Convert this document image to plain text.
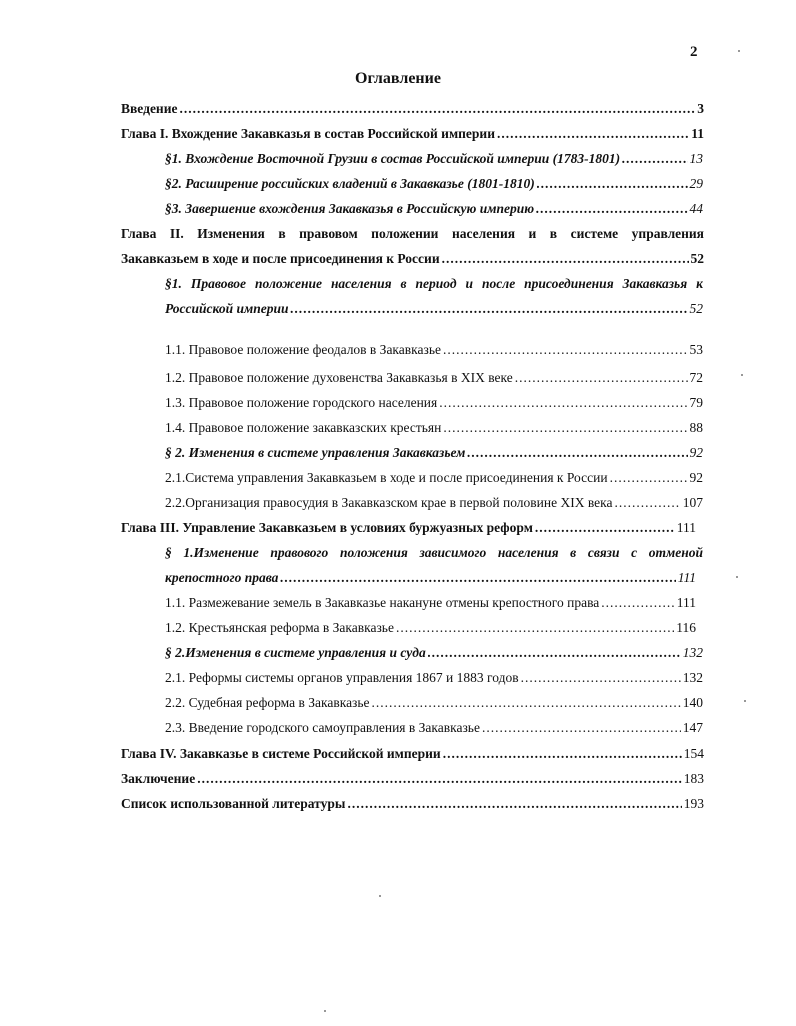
2
Оглавление
Введение .....	3
Глава I. Вхождение Закавказья в состав Российской империи .....	11
§1. Вхождение Восточной Грузии в состав Российской империи (1783-1801) .....	13
§2. Расширение российских владений в Закавказье (1801-1810) .....	29
§3. Завершение вхождения Закавказья в Российскую империю .....	44
Глава II. Изменения в правовом положении населения и в системе управления
Закавказьем в ходе и после присоединения к России .....	52
§1. Правовое положение населения в период и после присоединения Закавказья к
Российской империи .....	52
1.1. Правовое положение феодалов в Закавказье .....	53
1.2. Правовое положение духовенства Закавказья в XIX веке .....	72
1.3. Правовое положение городского населения .....	79
1.4. Правовое положение закавказских крестьян .....	88
§ 2. Изменения в системе управления Закавказьем .....	92
2.1.Система управления Закавказьем в ходе и после присоединения к России .....	92
2.2.Организация правосудия в Закавказском крае в первой половине XIX века .....	107
Глава III. Управление Закавказьем в условиях буржуазных реформ .....	111
§ 1.Изменение правового положения зависимого населения в связи с отменой
крепостного права .....	111
1.1. Размежевание земель в Закавказье накануне отмены крепостного права .....	111
1.2. Крестьянская реформа в Закавказье .....	116
§ 2.Изменения в системе управления и суда .....	132
2.1. Реформы системы органов управления 1867 и 1883 годов .....	132
2.2. Судебная реформа в Закавказье .....	140
2.3. Введение городского самоуправления в Закавказье .....	147
Глава IV. Закавказье в системе Российской империи .....	154
Заключение .....	183
Список использованной литературы .....	193
